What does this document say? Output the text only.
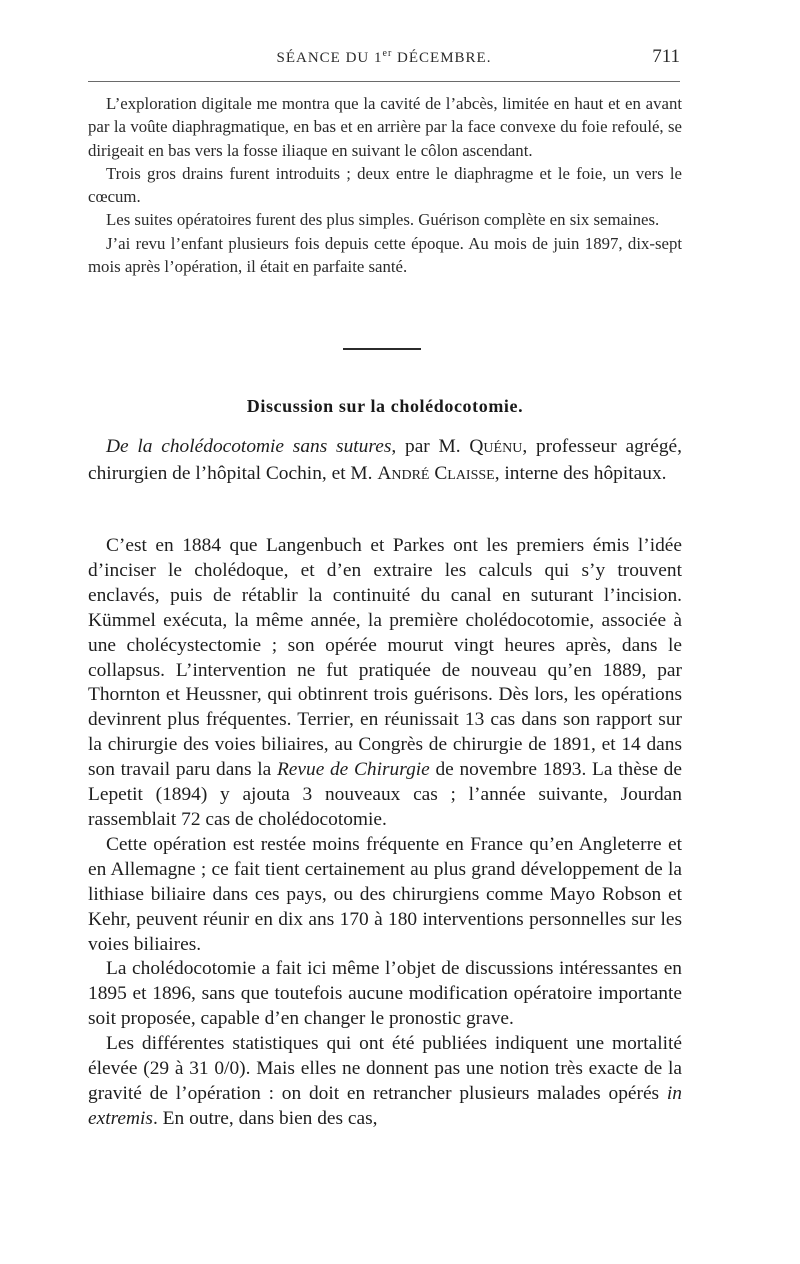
SÉANCE DU 1er DÉCEMBRE.	711

L’exploration digitale me montra que la cavité de l’abcès, limitée en haut et en avant par la voûte diaphragmatique, en bas et en arrière par la face convexe du foie refoulé, se dirigeait en bas vers la fosse iliaque en suivant le côlon ascendant.

Trois gros drains furent introduits ; deux entre le diaphragme et le foie, un vers le cœcum.

Les suites opératoires furent des plus simples. Guérison complète en six semaines.

J’ai revu l’enfant plusieurs fois depuis cette époque. Au mois de juin 1897, dix-sept mois après l’opération, il était en parfaite santé.

Discussion sur la cholédocotomie.
De la cholédocotomie sans sutures, par M. Quénu, professeur agrégé, chirurgien de l’hôpital Cochin, et M. André Claisse, interne des hôpitaux.

C’est en 1884 que Langenbuch et Parkes ont les premiers émis l’idée d’inciser le cholédoque, et d’en extraire les calculs qui s’y trouvent enclavés, puis de rétablir la continuité du canal en suturant l’incision. Kümmel exécuta, la même année, la première cholédocotomie, associée à une cholécystectomie ; son opérée mourut vingt heures après, dans le collapsus. L’intervention ne fut pratiquée de nouveau qu’en 1889, par Thornton et Heussner, qui obtinrent trois guérisons. Dès lors, les opérations devinrent plus fréquentes. Terrier, en réunissait 13 cas dans son rapport sur la chirurgie des voies biliaires, au Congrès de chirurgie de 1891, et 14 dans son travail paru dans la Revue de Chirurgie de novembre 1893. La thèse de Lepetit (1894) y ajouta 3 nouveaux cas ; l’année suivante, Jourdan rassemblait 72 cas de cholédocotomie.

Cette opération est restée moins fréquente en France qu’en Angleterre et en Allemagne ; ce fait tient certainement au plus grand développement de la lithiase biliaire dans ces pays, ou des chirurgiens comme Mayo Robson et Kehr, peuvent réunir en dix ans 170 à 180 interventions personnelles sur les voies biliaires.

La cholédocotomie a fait ici même l’objet de discussions intéressantes en 1895 et 1896, sans que toutefois aucune modification opératoire importante soit proposée, capable d’en changer le pronostic grave.

Les différentes statistiques qui ont été publiées indiquent une mortalité élevée (29 à 31 0/0). Mais elles ne donnent pas une notion très exacte de la gravité de l’opération : on doit en retrancher plusieurs malades opérés in extremis. En outre, dans bien des cas,
